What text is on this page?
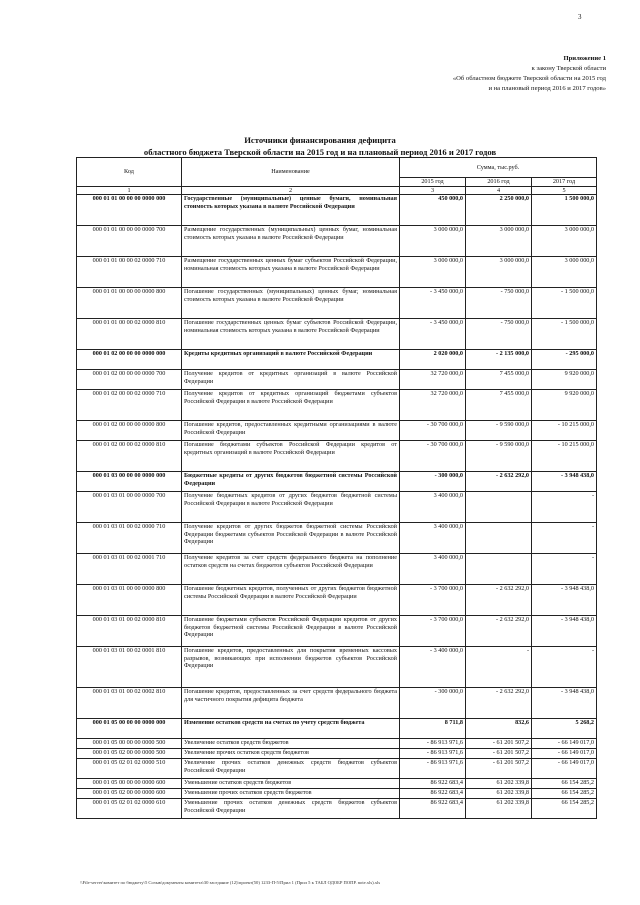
3
Приложение 1
к закону Тверской области
«Об областном бюджете Тверской области на 2015 год
и на плановый период 2016 и 2017 годов»
Источники финансирования дефицита
областного бюджета Тверской области на 2015 год и на плановый период 2016 и 2017 годов
Код	Наименование	Сумма, тыс.руб.		
		2015 год	2016 год	2017 год
1	2	3	4	5
000 01 01 00 00 00 0000 000	Государственные (муниципальные) ценные бумаги, номинальная стоимость которых указана в валюте Российской Федерации	450 000,0	2 250 000,0	1 500 000,0
000 01 01 00 00 00 0000 700	Размещение государственных (муниципальных) ценных бумаг, номинальная стоимость которых указана в валюте Российской Федерации	3 000 000,0	3 000 000,0	3 000 000,0
000 01 01 00 00 02 0000 710	Размещение государственных ценных бумаг субъектов Российской Федерации, номинальная стоимость которых указана в валюте Российской Федерации	3 000 000,0	3 000 000,0	3 000 000,0
000 01 01 00 00 00 0000 800	Погашение государственных (муниципальных) ценных бумаг, номинальная стоимость которых указана в валюте Российской Федерации	- 3 450 000,0	- 750 000,0	- 1 500 000,0
000 01 01 00 00 02 0000 810	Погашение государственных ценных бумаг субъектов Российской Федерации, номинальная стоимость которых указана в валюте Российской Федерации	- 3 450 000,0	- 750 000,0	- 1 500 000,0
000 01 02 00 00 00 0000 000	Кредиты кредитных организаций в валюте Российской Федерации	2 020 000,0	- 2 135 000,0	- 295 000,0
000 01 02 00 00 00 0000 700	Получение кредитов от кредитных организаций в валюте Российской Федерации	32 720 000,0	7 455 000,0	9 920 000,0
000 01 02 00 00 02 0000 710	Получение кредитов от кредитных организаций бюджетами субъектов Российской Федерации в валюте Российской Федерации	32 720 000,0	7 455 000,0	9 920 000,0
000 01 02 00 00 00 0000 800	Погашение кредитов, предоставленных кредитными организациями в валюте Российской Федерации	- 30 700 000,0	- 9 590 000,0	- 10 215 000,0
000 01 02 00 00 02 0000 810	Погашение бюджетами субъектов Российской Федерации кредитов от кредитных организаций в валюте Российской Федерации	- 30 700 000,0	- 9 590 000,0	- 10 215 000,0
000 01 03 00 00 00 0000 000	Бюджетные кредиты от других бюджетов бюджетной системы Российской Федерации	- 300 000,0	- 2 632 292,0	- 3 948 438,0
000 01 03 01 00 00 0000 700	Получение бюджетных кредитов от других бюджетов бюджетной системы Российской Федерации в валюте Российской Федерации	3 400 000,0		-
000 01 03 01 00 02 0000 710	Получение кредитов от других бюджетов бюджетной системы Российской Федерации бюджетами субъектов Российской Федерации в валюте Российской Федерации	3 400 000,0		-
000 01 03 01 00 02 0001 710	Получение кредитов за счет средств федерального бюджета на пополнение остатков средств на счетах бюджетов субъектов Российской Федерации	3 400 000,0		-
000 01 03 01 00 00 0000 800	Погашение бюджетных кредитов, полученных от других бюджетов бюджетной системы Российской Федерации в валюте Российской Федерации	- 3 700 000,0	- 2 632 292,0	- 3 948 438,0
000 01 03 01 00 02 0000 810	Погашение бюджетами субъектов Российской Федерации кредитов от других бюджетов бюджетной системы Российской Федерации в валюте Российской Федерации	- 3 700 000,0	- 2 632 292,0	- 3 948 438,0
000 01 03 01 00 02 0001 810	Погашение кредитов, предоставленных для покрытия временных кассовых разрывов, возникающих при исполнении бюджетов субъектов Российской Федерации	- 3 400 000,0	-	-
000 01 03 01 00 02 0002 810	Погашение кредитов, предоставленных за счет средств федерального бюджета для частичного покрытия дефицита бюджета	- 300 000,0	- 2 632 292,0	- 3 948 438,0
000 01 05 00 00 00 0000 000	Изменение остатков средств на счетах по учету средств бюджета	8 711,8	832,6	5 268,2
000 01 05 00 00 00 0000 500	Увеличение остатков средств бюджетов	- 86 913 971,6	- 61 201 507,2	- 66 149 017,0
000 01 05 02 00 00 0000 500	Увеличение прочих остатков средств бюджетов	- 86 913 971,6	- 61 201 507,2	- 66 149 017,0
000 01 05 02 01 02 0000 510	Увеличение прочих остатков денежных средств бюджетов субъектов Российской Федерации	- 86 913 971,6	- 61 201 507,2	- 66 149 017,0
000 01 05 00 00 00 0000 600	Уменьшение остатков средств бюджетов	86 922 683,4	61 202 339,8	66 154 285,2
000 01 05 02 00 00 0000 600	Уменьшение прочих остатков средств бюджетов	86 922 683,4	61 202 339,8	66 154 285,2
000 01 05 02 01 02 0000 610	Уменьшение прочих остатков денежных средств бюджетов субъектов Российской Федерации	86 922 683,4	61 202 339,8	66 154 285,2
\\File-server\комитет по бюджету\5 Созыв\документы комитета\30 заседание (12)\проект(50) 1233-П-5\Прил 1 (Прил 5 к ТАБЛ ОДОБР ПОПР. note.xls).xls
